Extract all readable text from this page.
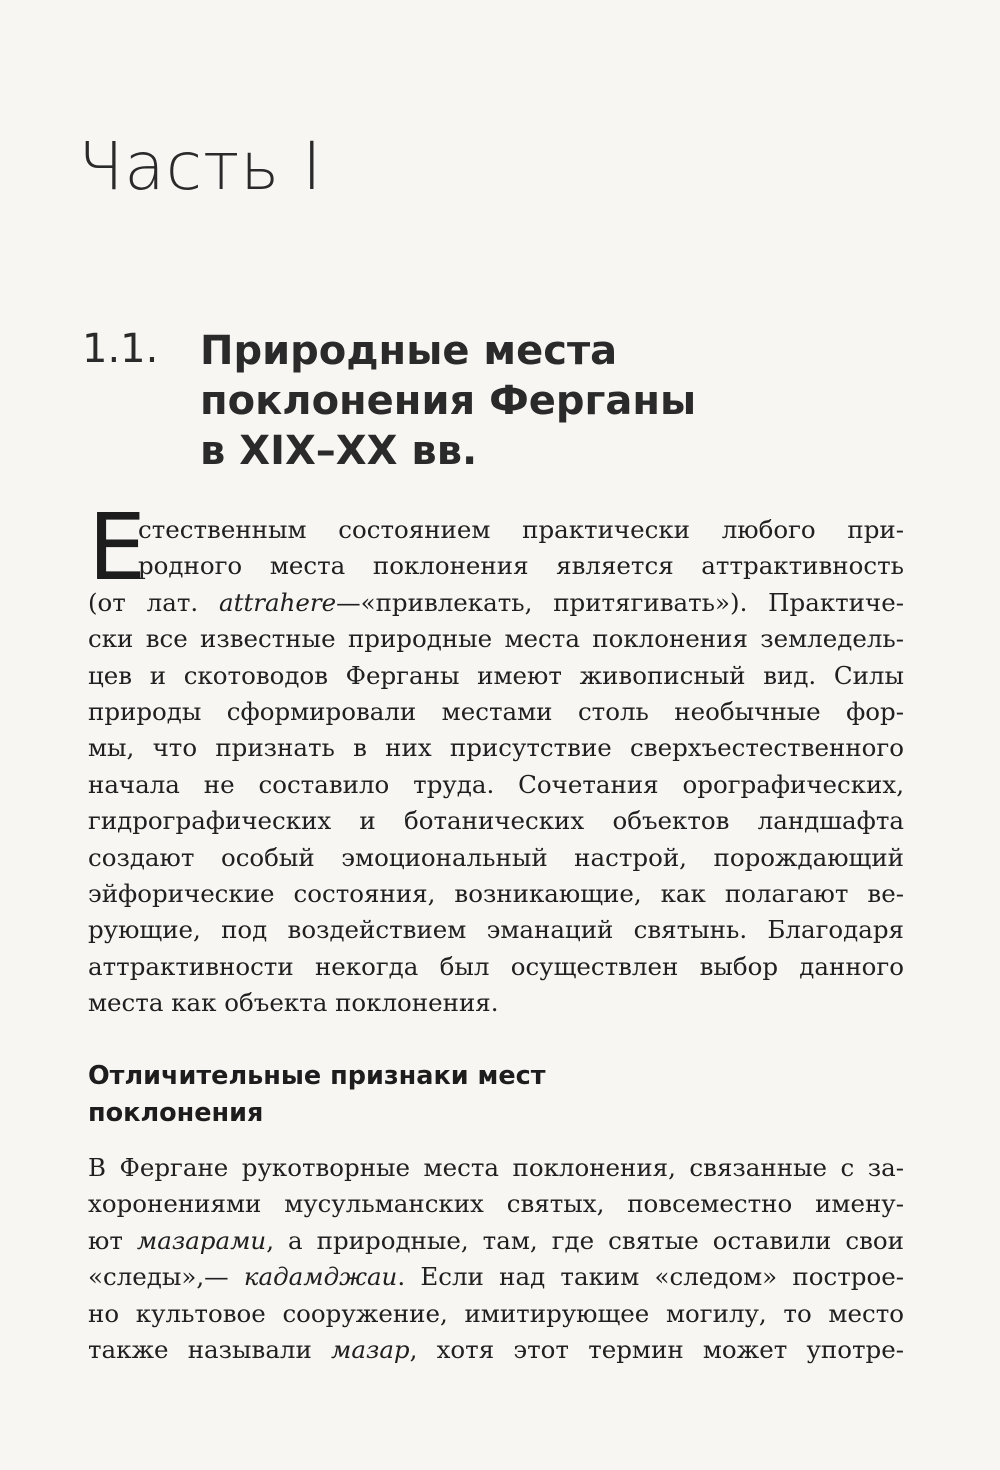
Часть I
1.1. Природные места
поклонения Ферганы
в XIX–XX вв.
Е

стественным состоянием практически любого при-
родного места поклонения является аттрактивность
(от лат. attrahere—«привлекать, притягивать»). Практиче-
ски все известные природные места поклонения земледель-
цев и скотоводов Ферганы имеют живописный вид. Силы
природы сформировали местами столь необычные фор-
мы, что признать в них присутствие сверхъестественного
начала не составило труда. Сочетания орографических,
гидрографических и ботанических объектов ландшафта
создают особый эмоциональный настрой, порождающий
эйфорические состояния, возникающие, как полагают ве-
рующие, под воздействием эманаций святынь. Благодаря
аттрактивности некогда был осуществлен выбор данного
места как объекта поклонения.

Отличительные признаки мест
поклонения

В Фергане рукотворные места поклонения, связанные с за-
хоронениями мусульманских святых, повсеместно имену-
ют мазарами, а природные, там, где святые оставили свои
«следы»,— кадамджаи. Если над таким «следом» построе-
но культовое сооружение, имитирующее могилу, то место
также называли мазар, хотя этот термин может употре-
